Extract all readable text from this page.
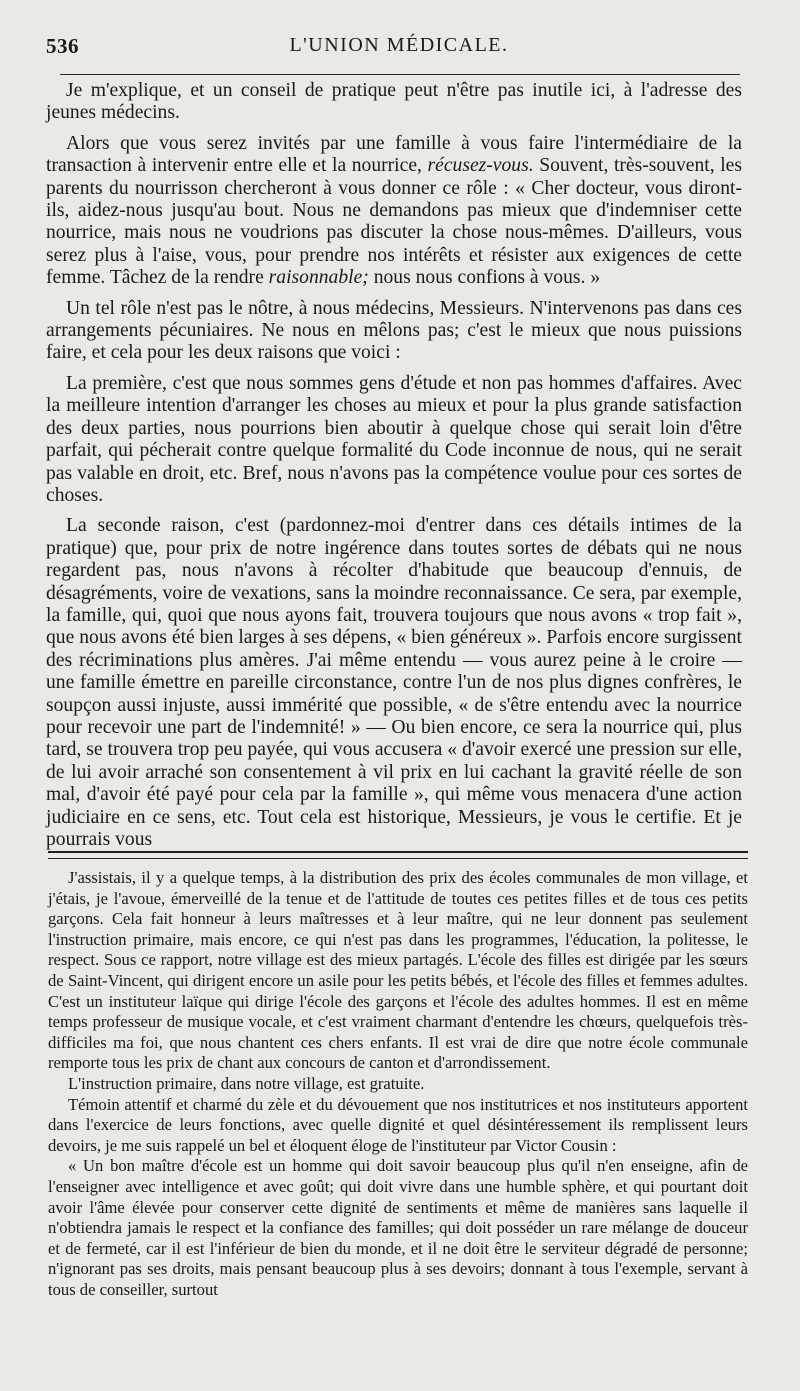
536	L'UNION MÉDICALE.

Je m'explique, et un conseil de pratique peut n'être pas inutile ici, à l'adresse des jeunes médecins.

Alors que vous serez invités par une famille à vous faire l'intermédiaire de la transaction à intervenir entre elle et la nourrice, récusez-vous. Souvent, très-souvent, les parents du nourrisson chercheront à vous donner ce rôle : « Cher docteur, vous diront-ils, aidez-nous jusqu'au bout. Nous ne demandons pas mieux que d'indemniser cette nourrice, mais nous ne voudrions pas discuter la chose nous-mêmes. D'ailleurs, vous serez plus à l'aise, vous, pour prendre nos intérêts et résister aux exigences de cette femme. Tâchez de la rendre raisonnable; nous nous confions à vous. »

Un tel rôle n'est pas le nôtre, à nous médecins, Messieurs. N'intervenons pas dans ces arrangements pécuniaires. Ne nous en mêlons pas; c'est le mieux que nous puissions faire, et cela pour les deux raisons que voici :

La première, c'est que nous sommes gens d'étude et non pas hommes d'affaires. Avec la meilleure intention d'arranger les choses au mieux et pour la plus grande satisfaction des deux parties, nous pourrions bien aboutir à quelque chose qui serait loin d'être parfait, qui pécherait contre quelque formalité du Code inconnue de nous, qui ne serait pas valable en droit, etc. Bref, nous n'avons pas la compétence voulue pour ces sortes de choses.

La seconde raison, c'est (pardonnez-moi d'entrer dans ces détails intimes de la pratique) que, pour prix de notre ingérence dans toutes sortes de débats qui ne nous regardent pas, nous n'avons à récolter d'habitude que beaucoup d'ennuis, de désagréments, voire de vexations, sans la moindre reconnaissance. Ce sera, par exemple, la famille, qui, quoi que nous ayons fait, trouvera toujours que nous avons « trop fait », que nous avons été bien larges à ses dépens, « bien généreux ». Parfois encore surgissent des récriminations plus amères. J'ai même entendu — vous aurez peine à le croire — une famille émettre en pareille circonstance, contre l'un de nos plus dignes confrères, le soupçon aussi injuste, aussi immérité que possible, « de s'être entendu avec la nourrice pour recevoir une part de l'indemnité! » — Ou bien encore, ce sera la nourrice qui, plus tard, se trouvera trop peu payée, qui vous accusera « d'avoir exercé une pression sur elle, de lui avoir arraché son consentement à vil prix en lui cachant la gravité réelle de son mal, d'avoir été payé pour cela par la famille », qui même vous menacera d'une action judiciaire en ce sens, etc. Tout cela est historique, Messieurs, je vous le certifie. Et je pourrais vous

J'assistais, il y a quelque temps, à la distribution des prix des écoles communales de mon village, et j'étais, je l'avoue, émerveillé de la tenue et de l'attitude de toutes ces petites filles et de tous ces petits garçons. Cela fait honneur à leurs maîtresses et à leur maître, qui ne leur donnent pas seulement l'instruction primaire, mais encore, ce qui n'est pas dans les programmes, l'éducation, la politesse, le respect. Sous ce rapport, notre village est des mieux partagés. L'école des filles est dirigée par les sœurs de Saint-Vincent, qui dirigent encore un asile pour les petits bébés, et l'école des filles et femmes adultes. C'est un instituteur laïque qui dirige l'école des garçons et l'école des adultes hommes. Il est en même temps professeur de musique vocale, et c'est vraiment charmant d'entendre les chœurs, quelquefois très-difficiles ma foi, que nous chantent ces chers enfants. Il est vrai de dire que notre école communale remporte tous les prix de chant aux concours de canton et d'arrondissement.

L'instruction primaire, dans notre village, est gratuite.

Témoin attentif et charmé du zèle et du dévouement que nos institutrices et nos instituteurs apportent dans l'exercice de leurs fonctions, avec quelle dignité et quel désintéressement ils remplissent leurs devoirs, je me suis rappelé un bel et éloquent éloge de l'instituteur par Victor Cousin :

« Un bon maître d'école est un homme qui doit savoir beaucoup plus qu'il n'en enseigne, afin de l'enseigner avec intelligence et avec goût; qui doit vivre dans une humble sphère, et qui pourtant doit avoir l'âme élevée pour conserver cette dignité de sentiments et même de manières sans laquelle il n'obtiendra jamais le respect et la confiance des familles; qui doit posséder un rare mélange de douceur et de fermeté, car il est l'inférieur de bien du monde, et il ne doit être le serviteur dégradé de personne; n'ignorant pas ses droits, mais pensant beaucoup plus à ses devoirs; donnant à tous l'exemple, servant à tous de conseiller, surtout
